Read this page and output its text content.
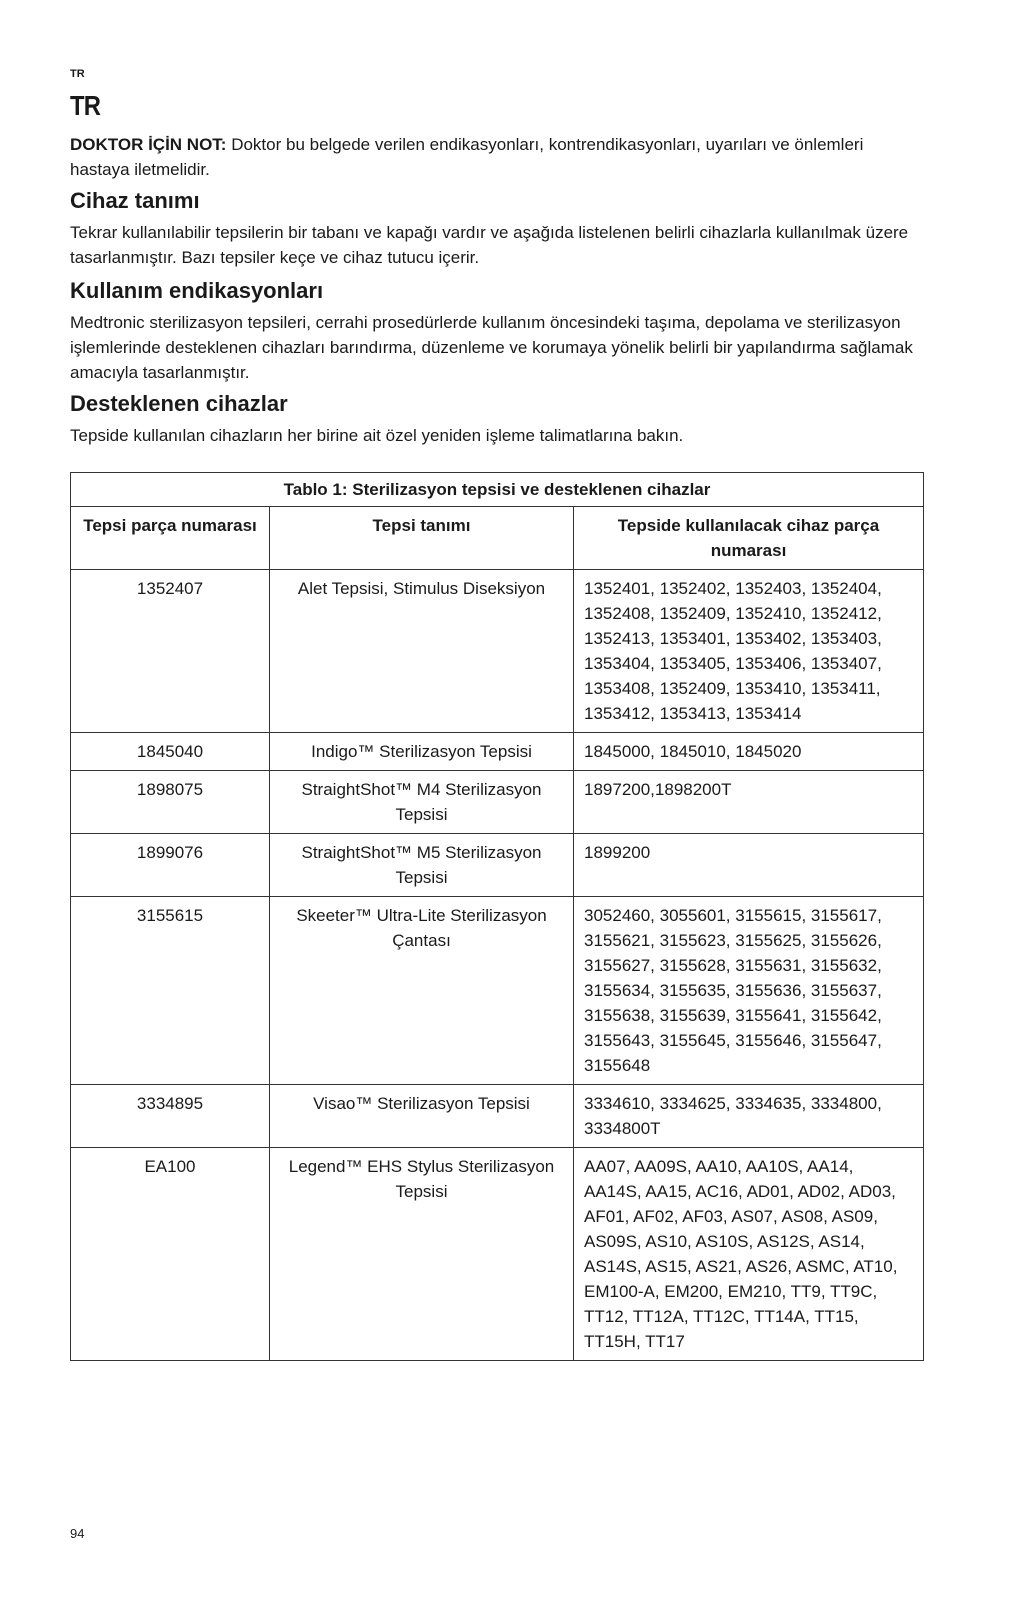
TR
TR
DOKTOR İÇİN NOT: Doktor bu belgede verilen endikasyonları, kontrendikasyonları, uyarıları ve önlemleri hastaya iletmelidir.
Cihaz tanımı
Tekrar kullanılabilir tepsilerin bir tabanı ve kapağı vardır ve aşağıda listelenen belirli cihazlarla kullanılmak üzere tasarlanmıştır. Bazı tepsiler keçe ve cihaz tutucu içerir.
Kullanım endikasyonları
Medtronic sterilizasyon tepsileri, cerrahi prosedürlerde kullanım öncesindeki taşıma, depolama ve sterilizasyon işlemlerinde desteklenen cihazları barındırma, düzenleme ve korumaya yönelik belirli bir yapılandırma sağlamak amacıyla tasarlanmıştır.
Desteklenen cihazlar
Tepside kullanılan cihazların her birine ait özel yeniden işleme talimatlarına bakın.
Tablo 1: Sterilizasyon tepsisi ve desteklenen cihazlar		
Tepsi parça numarası	Tepsi tanımı	Tepside kullanılacak cihaz parça numarası
1352407	Alet Tepsisi, Stimulus Diseksiyon	1352401, 1352402, 1352403, 1352404, 1352408, 1352409, 1352410, 1352412, 1352413, 1353401, 1353402, 1353403, 1353404, 1353405, 1353406, 1353407, 1353408, 1352409, 1353410, 1353411, 1353412, 1353413, 1353414
1845040	Indigo™ Sterilizasyon Tepsisi	1845000, 1845010, 1845020
1898075	StraightShot™ M4 Sterilizasyon Tepsisi	1897200,1898200T
1899076	StraightShot™ M5 Sterilizasyon Tepsisi	1899200
3155615	Skeeter™ Ultra-Lite Sterilizasyon Çantası	3052460, 3055601, 3155615, 3155617, 3155621, 3155623, 3155625, 3155626, 3155627, 3155628, 3155631, 3155632, 3155634, 3155635, 3155636, 3155637, 3155638, 3155639, 3155641, 3155642, 3155643, 3155645, 3155646, 3155647, 3155648
3334895	Visao™ Sterilizasyon Tepsisi	3334610, 3334625, 3334635, 3334800, 3334800T
EA100	Legend™ EHS Stylus Sterilizasyon Tepsisi	AA07, AA09S, AA10, AA10S, AA14, AA14S, AA15, AC16, AD01, AD02, AD03, AF01, AF02, AF03, AS07, AS08, AS09, AS09S, AS10, AS10S, AS12S, AS14, AS14S, AS15, AS21, AS26, ASMC, AT10, EM100-A, EM200, EM210, TT9, TT9C, TT12, TT12A, TT12C, TT14A, TT15, TT15H, TT17
94
